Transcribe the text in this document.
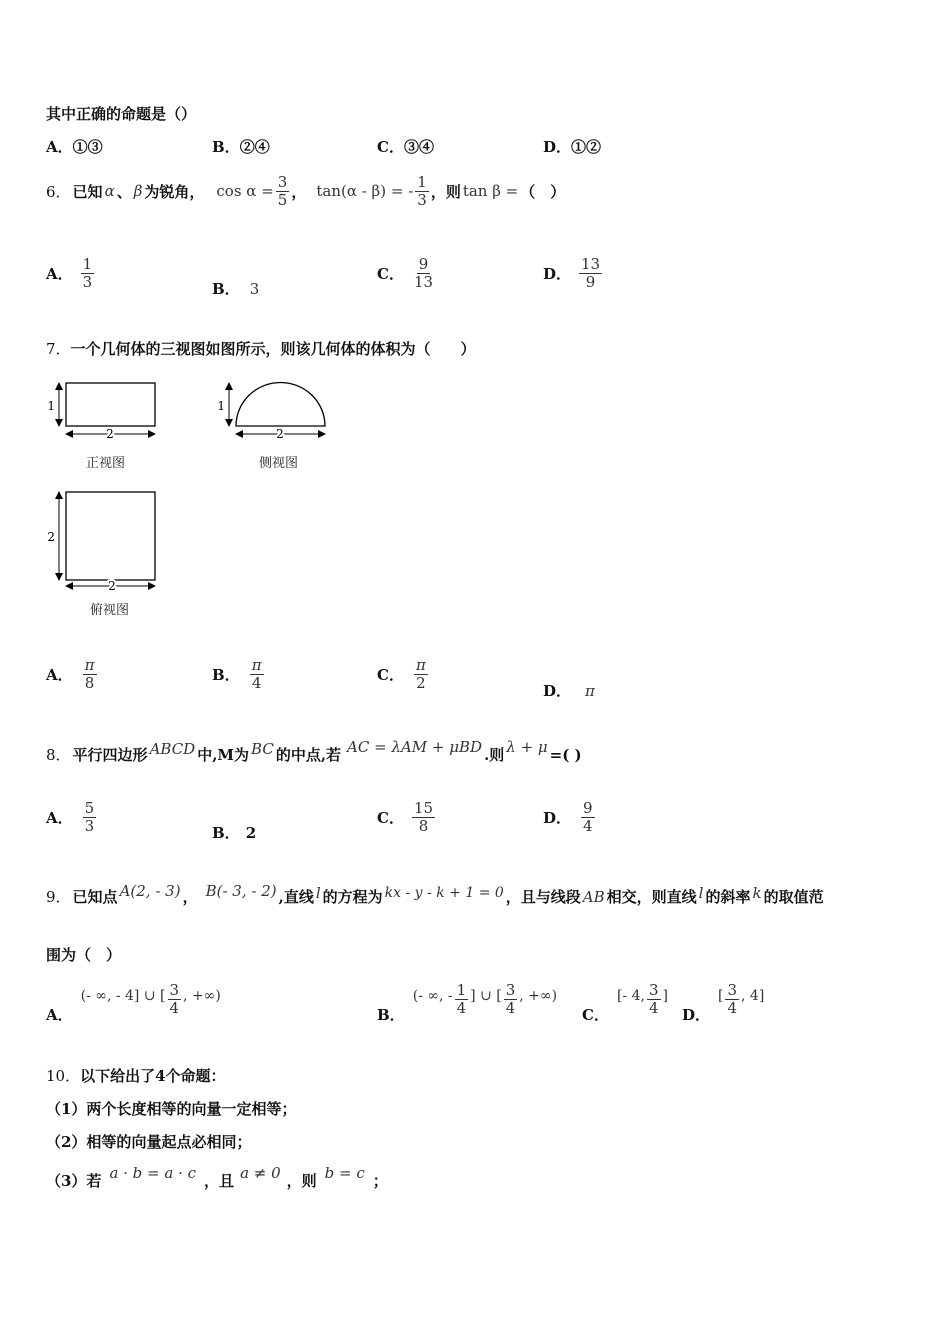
其中正确的命题是（）
A．①③	B．②④	C．③④	D．①②
6． 已知 α 、 β 为锐角， $\cos \alpha = \frac{3}{5}$ ， tan(α - β) = - $\frac{1}{3}$ ，则 tan β = （　）
A． $\frac{1}{3}$	B． 3
C． $\frac{9}{13}$	D． $\frac{13}{9}$
7．一个几何体的三视图如图所示，则该几何体的体积为（　　）
1
2
1
2
2
2
正视图	侧视图
俯视图
A． $\frac{\pi}{8}$	B． $\frac{\pi}{4}$	C． $\frac{\pi}{2}$	D． π
8． 平行四边形 ABCD 中,M为 BC 的中点,若 AC = λAM + μBD .则 λ + μ =( )
A． $\frac{5}{3}$	B． 2
C． $\frac{15}{8}$	D． $\frac{9}{4}$
9． 已知点 A(2, - 3) ， B(- 3, - 2) ,直线 l 的方程为 kx - y - k + 1 = 0 ，且与线段 AB 相交，则直线 l 的斜率 k 的取值范
围为（　）
A．
(- ∞, - 4] ∪ [ $\frac{3}{4}$ , +∞)
B．
(- ∞, - $\frac{1}{4}$ ] ∪ [ $\frac{3}{4}$ , +∞)
C．
[- 4, $\frac{3}{4}$ ]
D．
[ $\frac{3}{4}$ , 4]
10．以下给出了4个命题：
（1）两个长度相等的向量一定相等；
（2）相等的向量起点必相同；
（3）若 a · b = a · c ，且 a ≠ 0 ，则 b = c ；
